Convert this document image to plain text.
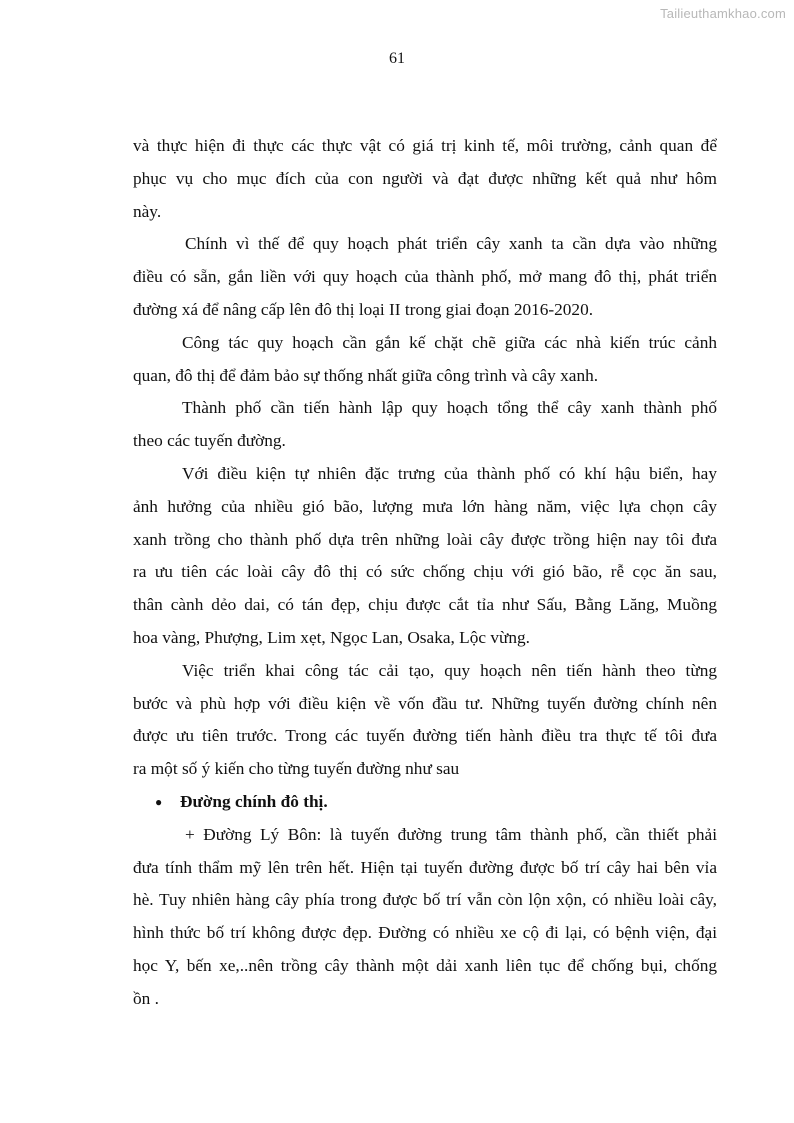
Tailieuthamkhao.com
61
và thực hiện đi thực các thực vật có giá trị kinh tế, môi trường, cảnh quan để
phục vụ cho mục đích của con người và đạt được những kết quả như hôm
này.
Chính vì thế để quy hoạch phát triển cây xanh ta cần dựa vào những
điều có sẵn, gắn liền với quy hoạch của thành phố, mở mang đô thị, phát triển
đường xá để nâng cấp lên đô thị loại II trong giai đoạn 2016-2020.
Công tác quy hoạch cần gắn kế chặt chẽ giữa các nhà kiến trúc cảnh
quan, đô thị để đảm bảo sự thống nhất giữa công trình và cây xanh.
Thành phố cần tiến hành lập quy hoạch tổng thể cây xanh thành phố
theo các tuyến đường.
Với điều kiện tự nhiên đặc trưng của thành phố có khí hậu biển, hay
ảnh hưởng của nhiều gió bão, lượng mưa lớn hàng năm, việc lựa chọn cây
xanh trồng cho thành phố dựa trên những loài cây được trồng hiện nay tôi đưa
ra ưu tiên các loài cây đô thị có sức chống chịu với gió bão, rễ cọc ăn sau,
thân cành dẻo dai, có tán đẹp, chịu được cắt tỉa như Sấu, Bằng Lăng, Muồng
hoa vàng, Phượng, Lim xẹt, Ngọc Lan, Osaka, Lộc vừng.
Việc triển khai công tác cải tạo, quy hoạch nên tiến hành theo từng
bước và phù hợp với điều kiện về vốn đầu tư. Những tuyến đường chính nên
được ưu tiên trước. Trong các tuyến đường tiến hành điều tra thực tế tôi đưa
ra một số ý kiến cho từng tuyến đường như sau
●	Đường chính đô thị.
+ Đường Lý Bôn: là tuyến đường trung tâm thành phố, cần thiết phải
đưa tính thẩm mỹ lên trên hết. Hiện tại tuyến đường được bố trí cây hai bên vỉa
hè. Tuy nhiên hàng cây phía trong được bố trí vẫn còn lộn xộn, có nhiều loài cây,
hình thức bố trí không được đẹp. Đường có nhiều xe cộ đi lại, có bệnh viện, đại
học Y, bến xe,..nên trồng cây thành một dải xanh liên tục để chống bụi, chống
ồn .
